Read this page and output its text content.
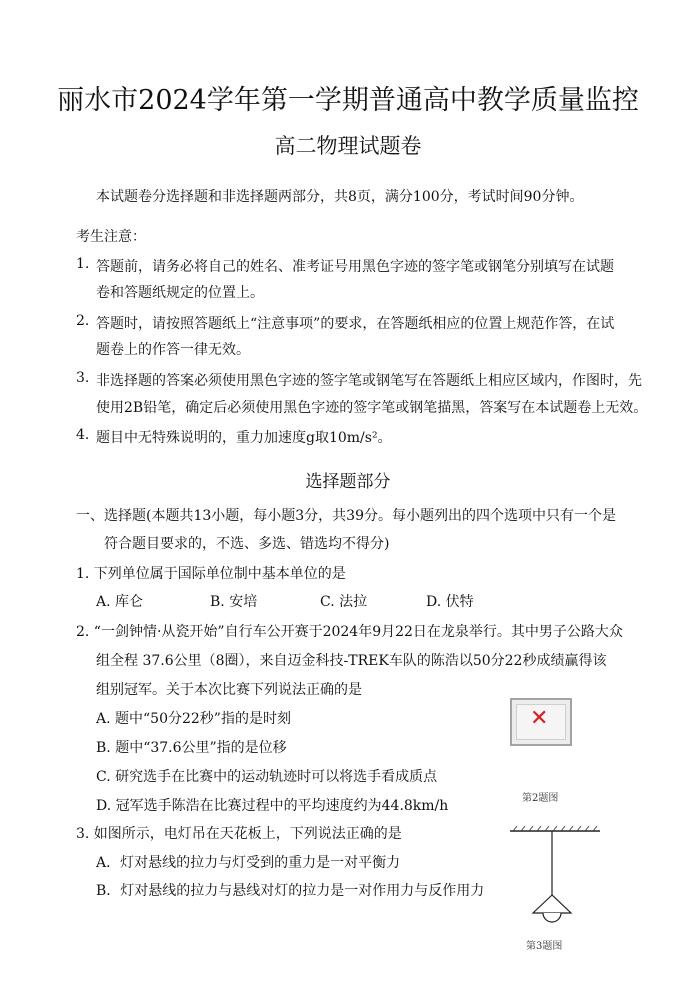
丽水市2024学年第一学期普通高中教学质量监控
高二物理试题卷
本试题卷分选择题和非选择题两部分，共8页，满分100分，考试时间90分钟。
考生注意：
1. 答题前，请务必将自己的姓名、准考证号用黑色字迹的签字笔或钢笔分别填写在试题
卷和答题纸规定的位置上。
2. 答题时，请按照答题纸上“注意事项”的要求，在答题纸相应的位置上规范作答，在试
题卷上的作答一律无效。
3. 非选择题的答案必须使用黑色字迹的签字笔或钢笔写在答题纸上相应区域内，作图时，先
使用2B铅笔，确定后必须使用黑色字迹的签字笔或钢笔描黑，答案写在本试题卷上无效。
4. 题目中无特殊说明的，重力加速度g取10m/s²。
选择题部分
一、选择题(本题共13小题，每小题3分，共39分。每小题列出的四个选项中只有一个是
符合题目要求的，不选、多选、错选均不得分)
1. 下列单位属于国际单位制中基本单位的是
A. 库仑	B. 安培	C. 法拉	D. 伏特
2. “一剑钟情·从瓷开始”自行车公开赛于2024年9月22日在龙泉举行。其中男子公路大众
组全程 37.6公里（8圈），来自迈金科技-TREK车队的陈浩以50分22秒成绩赢得该
组别冠军。关于本次比赛下列说法正确的是
A. 题中“50分22秒”指的是时刻
B. 题中“37.6公里”指的是位移
C. 研究选手在比赛中的运动轨迹时可以将选手看成质点
D. 冠军选手陈浩在比赛过程中的平均速度约为44.8km/h
✕
第2题图
3. 如图所示，电灯吊在天花板上，下列说法正确的是
A．灯对悬线的拉力与灯受到的重力是一对平衡力
B．灯对悬线的拉力与悬线对灯的拉力是一对作用力与反作用力
第3题图
